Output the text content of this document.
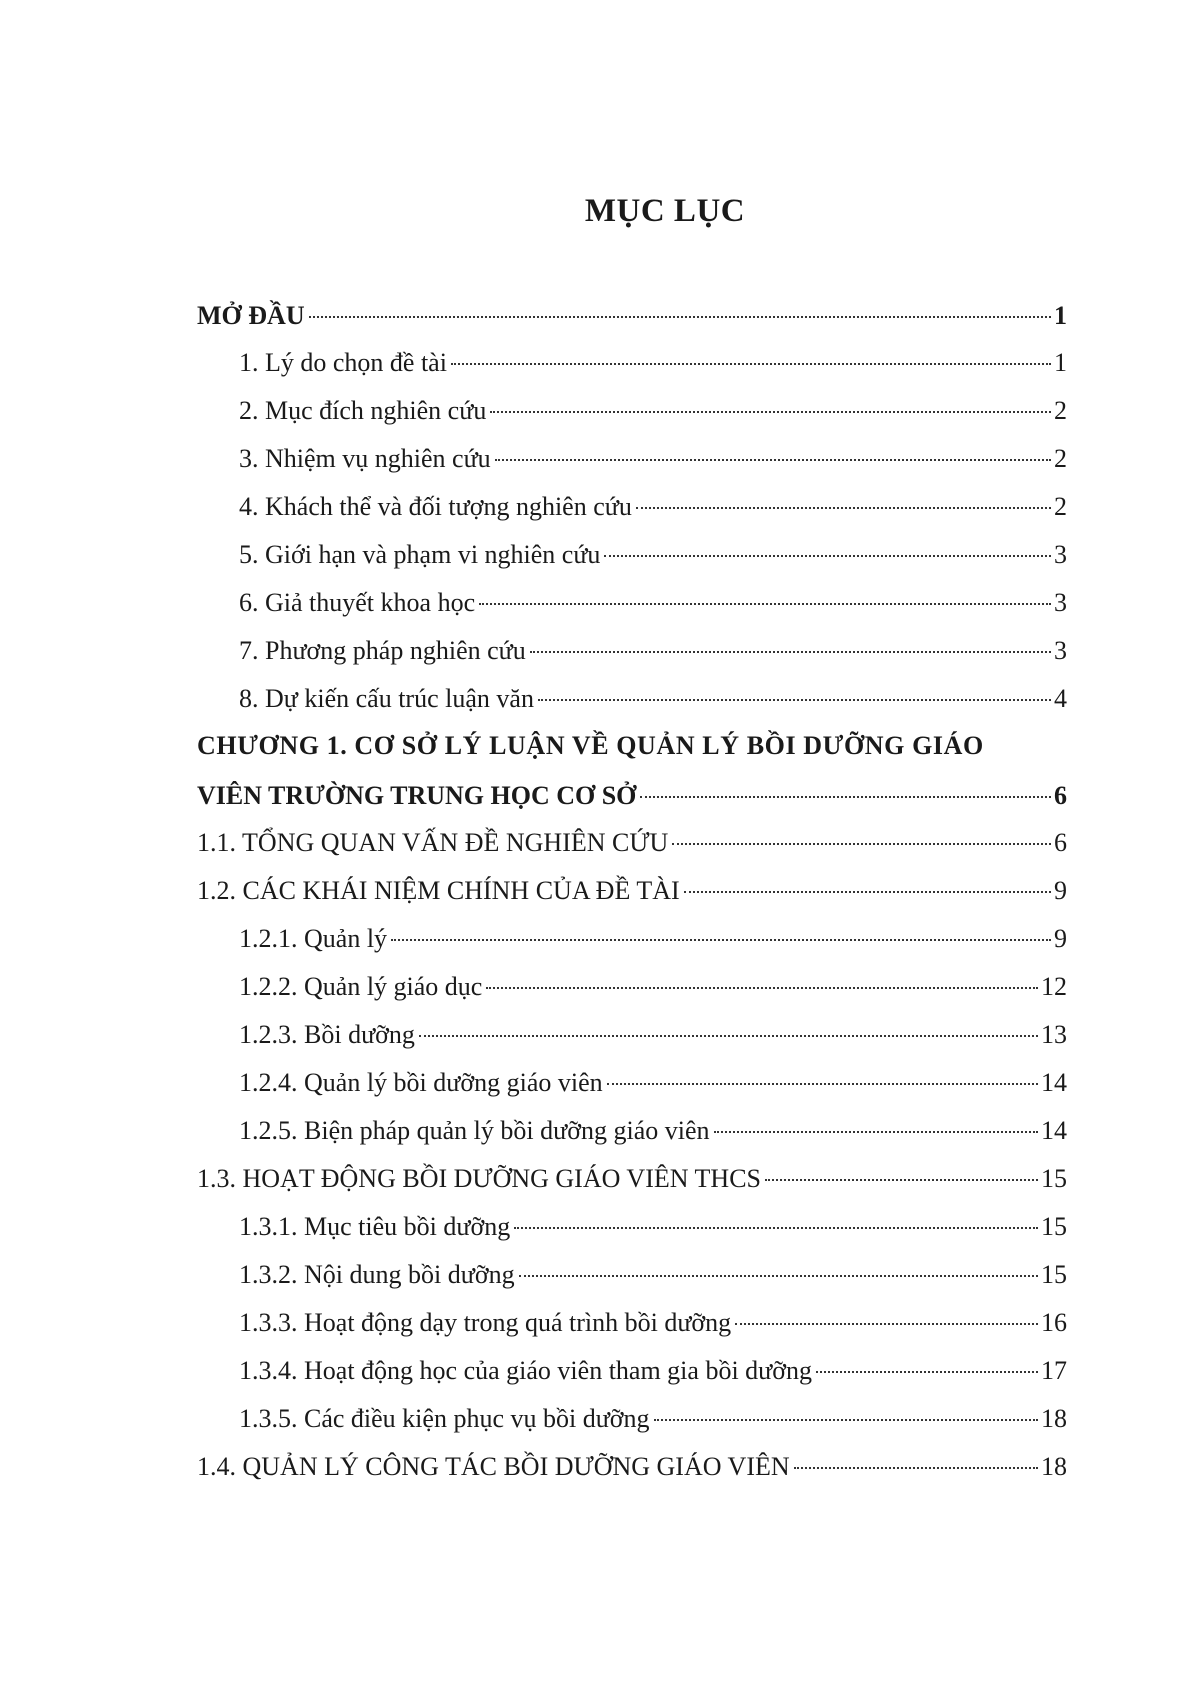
MỤC LỤC
MỞ ĐẦU	1
1. Lý do chọn đề tài	1
2. Mục đích nghiên cứu	2
3. Nhiệm vụ nghiên cứu	2
4. Khách thể và đối tượng nghiên cứu	2
5. Giới hạn và phạm vi nghiên cứu	3
6. Giả thuyết khoa học	3
7. Phương pháp nghiên cứu	3
8. Dự kiến cấu trúc luận văn	4
CHƯƠNG 1. CƠ SỞ LÝ LUẬN VỀ QUẢN LÝ BỒI DƯỠNG GIÁO
VIÊN TRƯỜNG TRUNG HỌC CƠ SỞ	6
1.1. TỔNG QUAN VẤN ĐỀ NGHIÊN CỨU	6
1.2. CÁC KHÁI NIỆM CHÍNH CỦA ĐỀ TÀI	9
1.2.1. Quản lý	9
1.2.2. Quản lý giáo dục	12
1.2.3. Bồi dưỡng	13
1.2.4. Quản lý bồi dưỡng giáo viên	14
1.2.5. Biện pháp quản lý bồi dưỡng giáo viên	14
1.3. HOẠT ĐỘNG BỒI DƯỠNG GIÁO VIÊN THCS	15
1.3.1. Mục tiêu bồi dưỡng	15
1.3.2. Nội dung bồi dưỡng	15
1.3.3. Hoạt động dạy trong quá trình bồi dưỡng	16
1.3.4. Hoạt động học của giáo viên tham gia bồi dưỡng	17
1.3.5. Các điều kiện phục vụ bồi dưỡng	18
1.4. QUẢN LÝ CÔNG TÁC BỒI DƯỠNG GIÁO VIÊN	18
